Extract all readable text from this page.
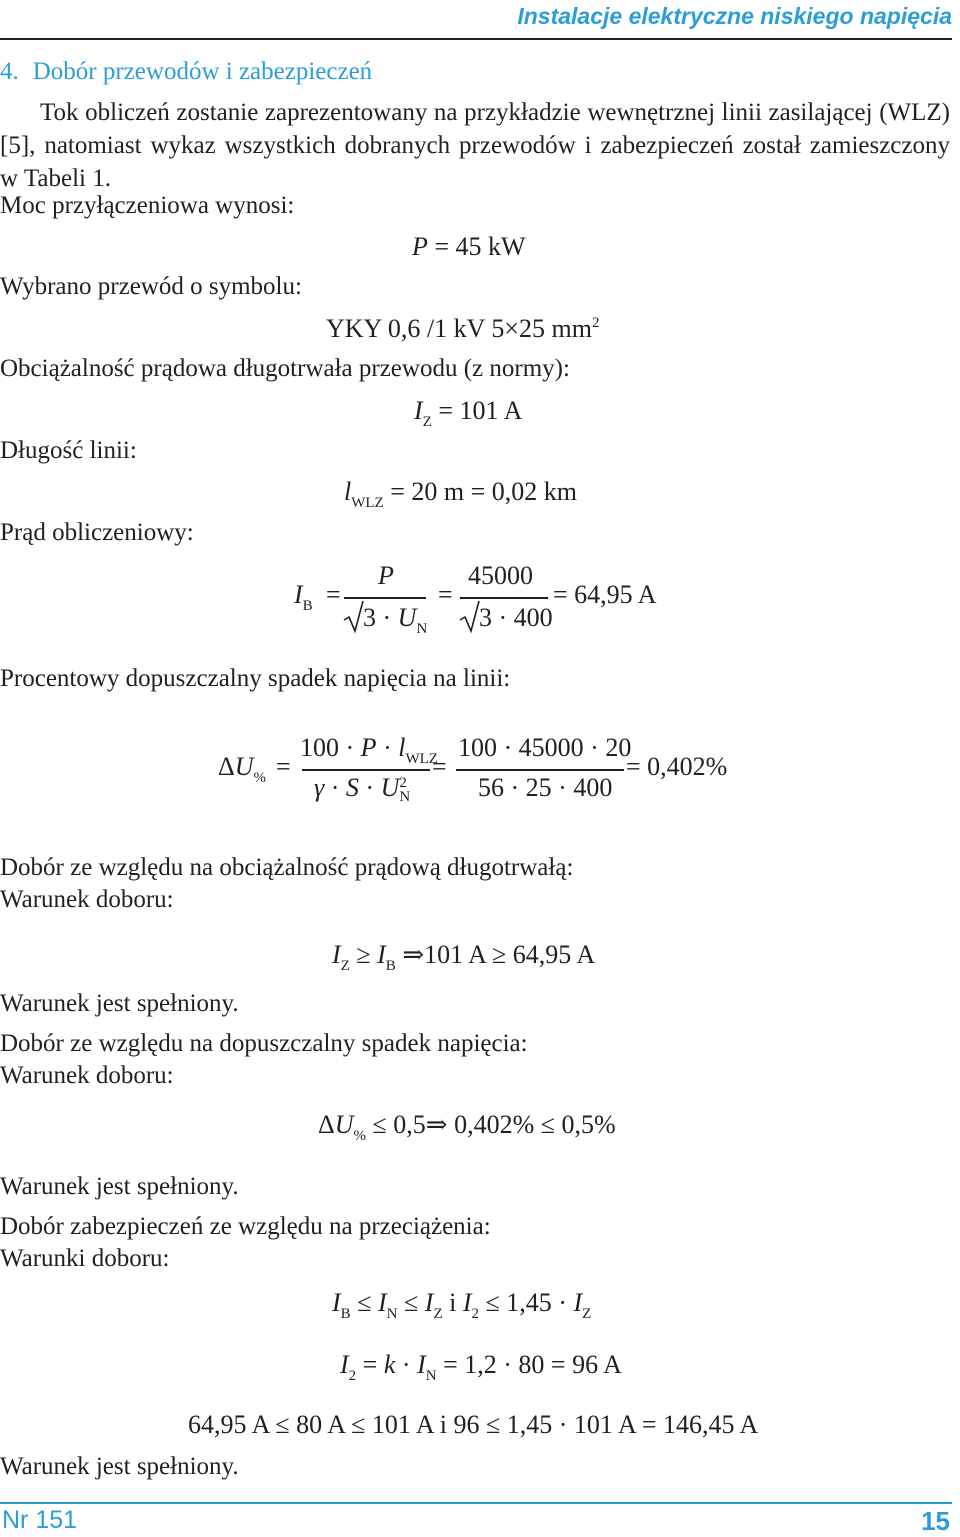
Instalacje elektryczne niskiego napięcia
4. Dobór przewodów i zabezpieczeń
Tok obliczeń zostanie zaprezentowany na przykładzie wewnętrznej linii zasilającej (WLZ) [5], natomiast wykaz wszystkich dobranych przewodów i zabezpieczeń został zamieszczony w Tabeli 1.
Moc przyłączeniowa wynosi:
P = 45 kW
Wybrano przewód o symbolu:
YKY 0,6 /1 kV 5×25 $mm^2$
Obciążalność prądowa długotrwała przewodu (z normy):
$I_Z = 101$ A
Długość linii:
$l_{WLZ} = 20$ m = 0,02 km
Prąd obliczeniowy:
$I_B$ =
P
$3 \cdot U_N$
=
45000
3 · 400
= 64,95 A
Procentowy dopuszczalny spadek napięcia na linii:
$\Delta U_{\%}$ =
$100 \cdot P \cdot l_{WLZ}$
γ · S · U 2
N
=
100 · 45000 · 20
56 · 25 · 400
= 0,402%
Dobór ze względu na obciążalność prądową długotrwałą:
Warunek doboru:
$I_Z \ge I_B$ ⇒101 A ≥ 64,95 A
Warunek jest spełniony.
Dobór ze względu na dopuszczalny spadek napięcia:
Warunek doboru:
$\Delta U_{\%}$ ≤ 0,5⇒ 0,402% ≤ 0,5%
Warunek jest spełniony.
Dobór zabezpieczeń ze względu na przeciążenia:
Warunki doboru:
$I_B \le I_N \le I_Z$ i $I_2 \le 1,45 \cdot I_Z$
$I_2 = k \cdot I_N = 1,2 \cdot 80 = 96$ A
64,95 A ≤ 80 A ≤ 101 A i 96 ≤ 1,45 · 101 A = 146,45 A
Warunek jest spełniony.
Nr 151	15
